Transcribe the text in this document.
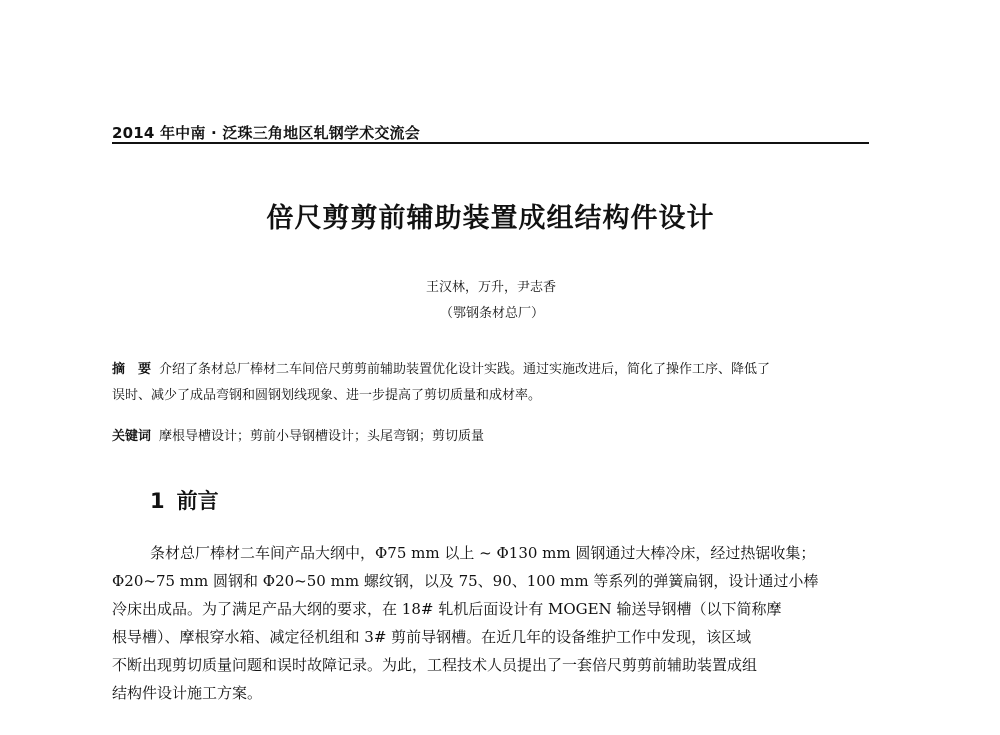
2014 年中南 · 泛珠三角地区轧钢学术交流会
倍尺剪剪前辅助装置成组结构件设计
王汉林，万升，尹志香
（鄂钢条材总厂）
摘　要 介绍了条材总厂棒材二车间倍尺剪剪前辅助装置优化设计实践。通过实施改进后，简化了操作工序、降低了
误时、减少了成品弯钢和圆钢划线现象、进一步提高了剪切质量和成材率。
关键词 摩根导槽设计；剪前小导钢槽设计；头尾弯钢；剪切质量
1 前言
条材总厂棒材二车间产品大纲中，Φ75 mm 以上 ~ Φ130 mm 圆钢通过大棒冷床，经过热锯收集；
Φ20~75 mm 圆钢和 Φ20~50 mm 螺纹钢，以及 75、90、100 mm 等系列的弹簧扁钢，设计通过小棒
冷床出成品。为了满足产品大纲的要求，在 18# 轧机后面设计有 MOGEN 输送导钢槽（以下简称摩
根导槽）、摩根穿水箱、减定径机组和 3# 剪前导钢槽。在近几年的设备维护工作中发现，该区域
不断出现剪切质量问题和误时故障记录。为此，工程技术人员提出了一套倍尺剪剪前辅助装置成组
结构件设计施工方案。
